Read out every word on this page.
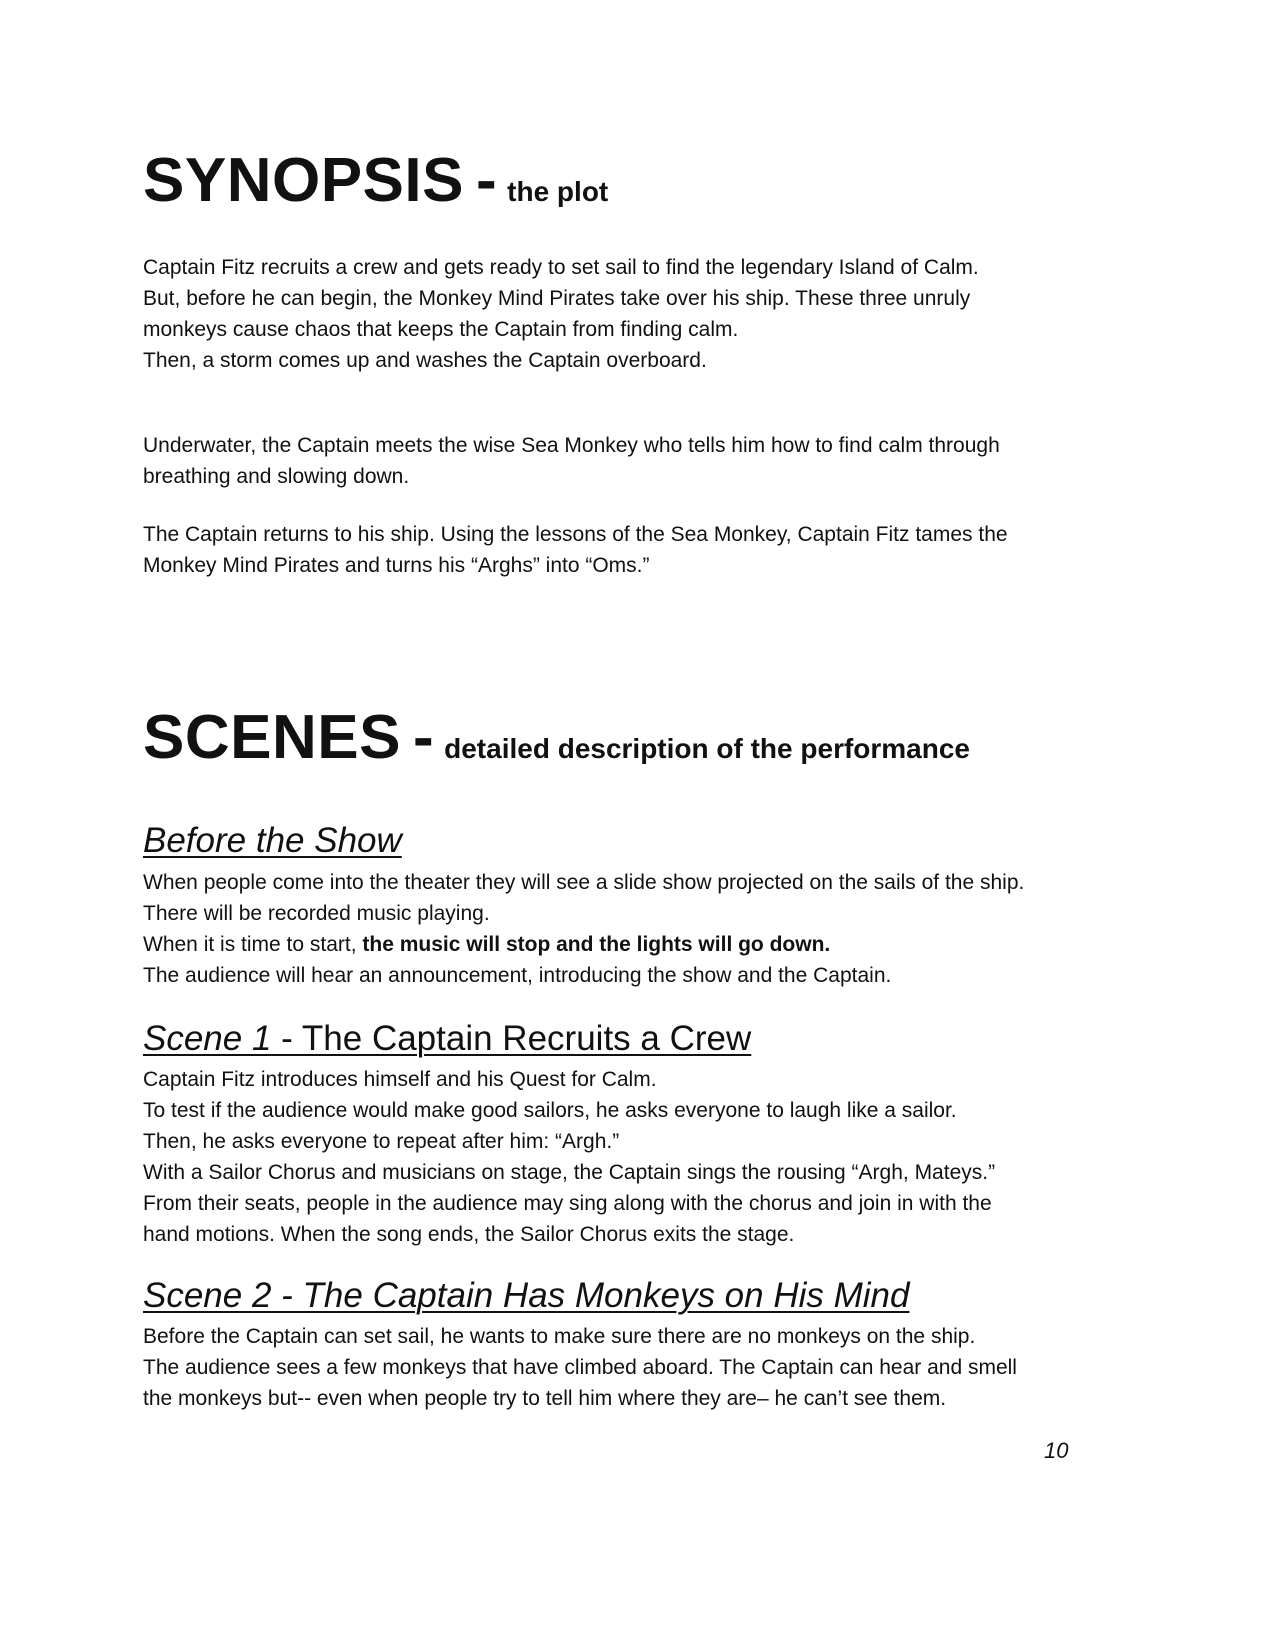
SYNOPSIS - the plot
Captain Fitz recruits a crew and gets ready to set sail to find the legendary Island of Calm.
But, before he can begin, the Monkey Mind Pirates take over his ship. These three unruly
monkeys cause chaos that keeps the Captain from finding calm.
Then, a storm comes up and washes the Captain overboard.
Underwater, the Captain meets the wise Sea Monkey who tells him how to find calm through
breathing and slowing down.
The Captain returns to his ship. Using the lessons of the Sea Monkey, Captain Fitz tames the
Monkey Mind Pirates and turns his “Arghs” into “Oms.”
SCENES - detailed description of the performance
Before the Show
When people come into the theater they will see a slide show projected on the sails of the ship.
There will be recorded music playing.
When it is time to start, the music will stop and the lights will go down.
The audience will hear an announcement, introducing the show and the Captain.
Scene 1 - The Captain Recruits a Crew
Captain Fitz introduces himself and his Quest for Calm.
To test if the audience would make good sailors, he asks everyone to laugh like a sailor.
Then, he asks everyone to repeat after him: “Argh.”
With a Sailor Chorus and musicians on stage, the Captain sings the rousing “Argh, Mateys.”
From their seats, people in the audience may sing along with the chorus and join in with the
hand motions. When the song ends, the Sailor Chorus exits the stage.
Scene 2 - The Captain Has Monkeys on His Mind
Before the Captain can set sail, he wants to make sure there are no monkeys on the ship.
The audience sees a few monkeys that have climbed aboard. The Captain can hear and smell
the monkeys but-- even when people try to tell him where they are– he can’t see them.
10
